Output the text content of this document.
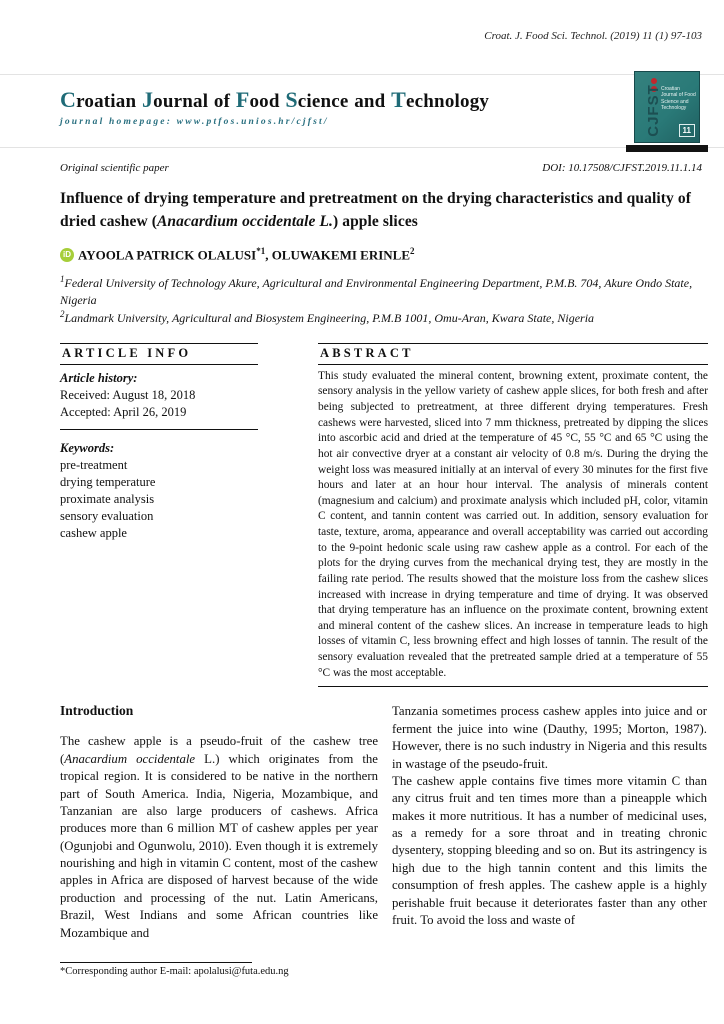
Croat. J. Food Sci. Technol. (2019) 11 (1) 97-103
Croatian Journal of Food Science and Technology
journal homepage: www.ptfos.unios.hr/cjfst/	CJFST Croatian Journal of Food Science and Technology
11
Original scientific paper	DOI: 10.17508/CJFST.2019.11.1.14
Influence of drying temperature and pretreatment on the drying characteristics and quality of dried cashew (Anacardium occidentale L.) apple slices
iD AYOOLA PATRICK OLALUSI$^{*1}$, OLUWAKEMI ERINLE$^2$
$^1$Federal University of Technology Akure, Agricultural and Environmental Engineering Department, P.M.B. 704, Akure Ondo State, Nigeria
$^2$Landmark University, Agricultural and Biosystem Engineering, P.M.B 1001, Omu-Aran, Kwara State, Nigeria
ARTICLE INFO
Article history:
Received: August 18, 2018
Accepted: April 26, 2019
Keywords:
pre-treatment
drying temperature
proximate analysis
sensory evaluation
cashew apple
ABSTRACT
This study evaluated the mineral content, browning extent, proximate content, the sensory analysis in the yellow variety of cashew apple slices, for both fresh and after being subjected to pretreatment, at three different drying temperatures. Fresh cashews were harvested, sliced into 7 mm thickness, pretreated by dipping the slices into ascorbic acid and dried at the temperature of 45 °C, 55 °C and 65 °C using the hot air convective dryer at a constant air velocity of 0.8 m/s. During the drying the weight loss was measured initially at an interval of every 30 minutes for the first five hours and later at an hour hour interval. The analysis of minerals content (magnesium and calcium) and proximate analysis which included pH, color, vitamin C content, and tannin content was carried out. In addition, sensory evaluation for taste, texture, aroma, appearance and overall acceptability was carried out according to the 9-point hedonic scale using raw cashew apple as a control. For each of the plots for the drying curves from the mechanical drying test, they are mostly in the failing rate period. The results showed that the moisture loss from the cashew slices increased with increase in drying temperature and time of drying. It was observed that drying temperature has an influence on the proximate content, browning extent and mineral content of the cashew slices. An increase in temperature leads to high losses of vitamin C, less browning effect and high losses of tannin. The result of the sensory evaluation revealed that the pretreated sample dried at a temperature of 55 °C was the most acceptable.
Introduction

The cashew apple is a pseudo-fruit of the cashew tree (Anacardium occidentale L.) which originates from the tropical region. It is considered to be native in the northern part of South America. India, Nigeria, Mozambique, and Tanzanian are also large producers of cashews. Africa produces more than 6 million MT of cashew apples per year (Ogunjobi and Ogunwolu, 2010). Even though it is extremely nourishing and high in vitamin C content, most of the cashew apples in Africa are disposed of harvest because of the wide production and processing of the nut. Latin Americans, Brazil, West Indians and some African countries like Mozambique and

*Corresponding author E-mail: apolalusi@futa.edu.ng

Tanzania sometimes process cashew apples into juice and or ferment the juice into wine (Dauthy, 1995; Morton, 1987). However, there is no such industry in Nigeria and this results in wastage of the pseudo-fruit.

The cashew apple contains five times more vitamin C than any citrus fruit and ten times more than a pineapple which makes it more nutritious. It has a number of medicinal uses, as a remedy for a sore throat and in treating chronic dysentery, stopping bleeding and so on. But its astringency is high due to the high tannin content and this limits the consumption of fresh apples. The cashew apple is a highly perishable fruit because it deteriorates faster than any other fruit. To avoid the loss and waste of
